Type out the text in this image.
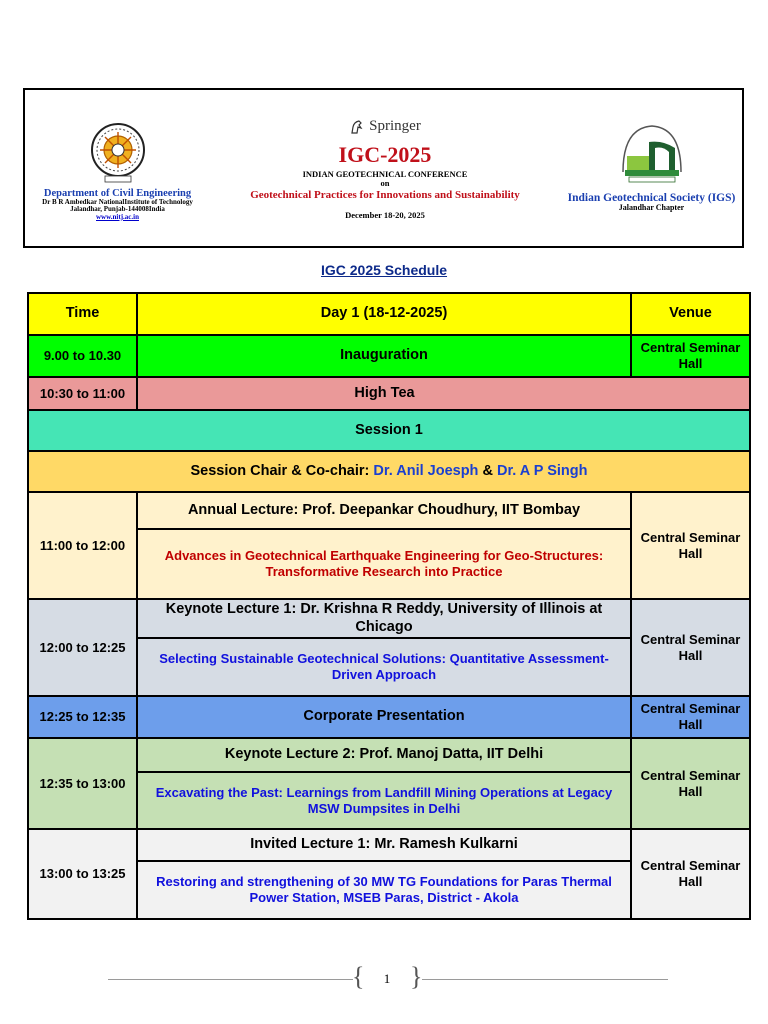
Department of Civil Engineering
Dr B R Ambedkar NationalInstitute of Technology
Jalandhar, Punjab-144008India
www.nitj.ac.in
Springer
IGC-2025
INDIAN GEOTECHNICAL CONFERENCE
on
Geotechnical Practices for Innovations and Sustainability
December 18-20, 2025
Indian Geotechnical Society (IGS)
Jalandhar Chapter
IGC 2025 Schedule
Time	Day 1 (18-12-2025)	Venue
9.00 to 10.30	Inauguration	Central Seminar Hall
10:30 to 11:00	High Tea	
Session 1		
Session Chair & Co-chair: Dr. Anil Joesph & Dr. A P Singh		
11:00 to 12:00	Annual Lecture: Prof. Deepankar Choudhury, IIT Bombay	Central Seminar Hall
	Advances in Geotechnical Earthquake Engineering for Geo-Structures: Transformative Research into Practice	
12:00 to 12:25	Keynote Lecture 1: Dr. Krishna R Reddy, University of Illinois at Chicago	Central Seminar Hall
	Selecting Sustainable Geotechnical Solutions: Quantitative Assessment-Driven Approach	
12:25 to 12:35	Corporate Presentation	Central Seminar Hall
12:35 to 13:00	Keynote Lecture 2: Prof. Manoj Datta, IIT Delhi	Central Seminar Hall
	Excavating the Past: Learnings from Landfill Mining Operations at Legacy MSW Dumpsites in Delhi	
13:00 to 13:25	Invited Lecture 1: Mr. Ramesh Kulkarni	Central Seminar Hall
	Restoring and strengthening of 30 MW TG Foundations for Paras Thermal Power Station, MSEB Paras, District - Akola	
{ }
1
